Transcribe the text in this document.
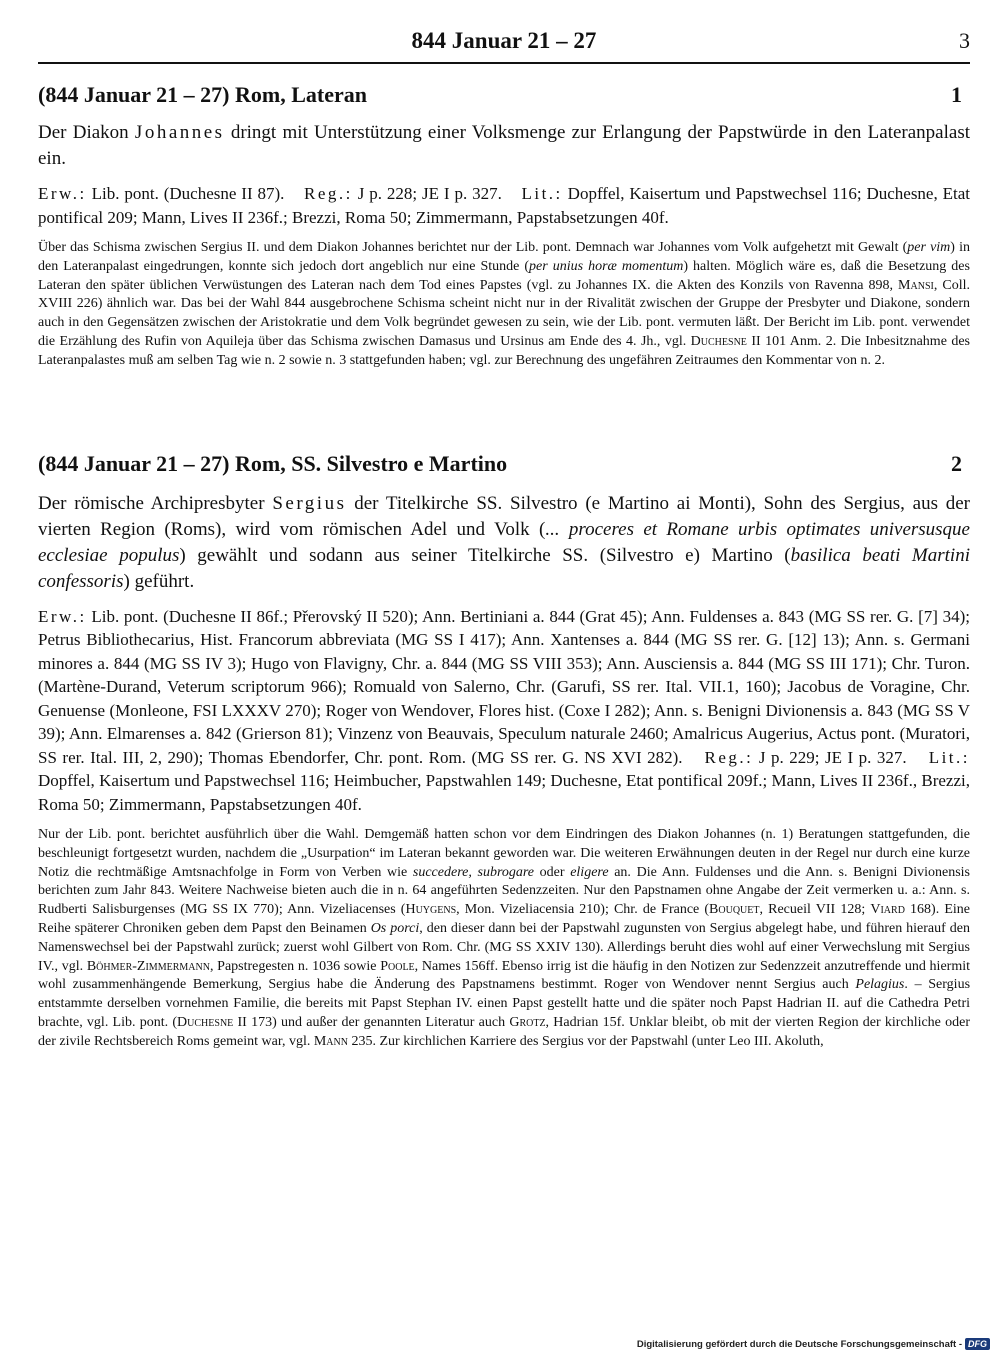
844 Januar 21 – 27	3
(844 Januar 21 – 27) Rom, Lateran	1

Der Diakon Johannes dringt mit Unterstützung einer Volksmenge zur Erlangung der Papstwürde in den Lateranpalast ein.

Erw.: Lib. pont. (Duchesne II 87). Reg.: J p. 228; JE I p. 327. Lit.: Dopffel, Kaisertum und Papstwechsel 116; Duchesne, Etat pontifical 209; Mann, Lives II 236f.; Brezzi, Roma 50; Zimmermann, Papstabsetzungen 40f.

Über das Schisma zwischen Sergius II. und dem Diakon Johannes berichtet nur der Lib. pont. Demnach war Johannes vom Volk aufgehetzt mit Gewalt (per vim) in den Lateranpalast eingedrungen, konnte sich jedoch dort angeblich nur eine Stunde (per unius horæ momentum) halten. Möglich wäre es, daß die Besetzung des Lateran den später üblichen Verwüstungen des Lateran nach dem Tod eines Papstes (vgl. zu Johannes IX. die Akten des Konzils von Ravenna 898, Mansi, Coll. XVIII 226) ähnlich war. Das bei der Wahl 844 ausgebrochene Schisma scheint nicht nur in der Rivalität zwischen der Gruppe der Presbyter und Diakone, sondern auch in den Gegensätzen zwischen der Aristokratie und dem Volk begründet gewesen zu sein, wie der Lib. pont. vermuten läßt. Der Bericht im Lib. pont. verwendet die Erzählung des Rufin von Aquileja über das Schisma zwischen Damasus und Ursinus am Ende des 4. Jh., vgl. Duchesne II 101 Anm. 2. Die Inbesitznahme des Lateranpalastes muß am selben Tag wie n. 2 sowie n. 3 stattgefunden haben; vgl. zur Berechnung des ungefähren Zeitraumes den Kommentar von n. 2.

(844 Januar 21 – 27) Rom, SS. Silvestro e Martino	2

Der römische Archipresbyter Sergius der Titelkirche SS. Silvestro (e Martino ai Monti), Sohn des Sergius, aus der vierten Region (Roms), wird vom römischen Adel und Volk (... proceres et Romane urbis optimates universusque ecclesiae populus) gewählt und sodann aus seiner Titelkirche SS. (Silvestro e) Martino (basilica beati Martini confessoris) geführt.

Erw.: Lib. pont. (Duchesne II 86f.; Přerovský II 520); Ann. Bertiniani a. 844 (Grat 45); Ann. Fuldenses a. 843 (MG SS rer. G. [7] 34); Petrus Bibliothecarius, Hist. Francorum abbreviata (MG SS I 417); Ann. Xantenses a. 844 (MG SS rer. G. [12] 13); Ann. s. Germani minores a. 844 (MG SS IV 3); Hugo von Flavigny, Chr. a. 844 (MG SS VIII 353); Ann. Ausciensis a. 844 (MG SS III 171); Chr. Turon. (Martène-Durand, Veterum scriptorum 966); Romuald von Salerno, Chr. (Garufi, SS rer. Ital. VII.1, 160); Jacobus de Voragine, Chr. Genuense (Monleone, FSI LXXXV 270); Roger von Wendover, Flores hist. (Coxe I 282); Ann. s. Benigni Divionensis a. 843 (MG SS V 39); Ann. Elmarenses a. 842 (Grierson 81); Vinzenz von Beauvais, Speculum naturale 2460; Amalricus Augerius, Actus pont. (Muratori, SS rer. Ital. III, 2, 290); Thomas Ebendorfer, Chr. pont. Rom. (MG SS rer. G. NS XVI 282). Reg.: J p. 229; JE I p. 327. Lit.: Dopffel, Kaisertum und Papstwechsel 116; Heimbucher, Papstwahlen 149; Duchesne, Etat pontifical 209f.; Mann, Lives II 236f., Brezzi, Roma 50; Zimmermann, Papstabsetzungen 40f.

Nur der Lib. pont. berichtet ausführlich über die Wahl. Demgemäß hatten schon vor dem Eindringen des Diakon Johannes (n. 1) Beratungen stattgefunden, die beschleunigt fortgesetzt wurden, nachdem die „Usurpation“ im Lateran bekannt geworden war. Die weiteren Erwähnungen deuten in der Regel nur durch eine kurze Notiz die rechtmäßige Amtsnachfolge in Form von Verben wie succedere, subrogare oder eligere an. Die Ann. Fuldenses und die Ann. s. Benigni Divionensis berichten zum Jahr 843. Weitere Nachweise bieten auch die in n. 64 angeführten Sedenzzeiten. Nur den Papstnamen ohne Angabe der Zeit vermerken u. a.: Ann. s. Rudberti Salisburgenses (MG SS IX 770); Ann. Vizeliacenses (Huygens, Mon. Vizeliacensia 210); Chr. de France (Bouquet, Recueil VII 128; Viard 168). Eine Reihe späterer Chroniken geben dem Papst den Beinamen Os porci, den dieser dann bei der Papstwahl zugunsten von Sergius abgelegt habe, und führen hierauf den Namenswechsel bei der Papstwahl zurück; zuerst wohl Gilbert von Rom. Chr. (MG SS XXIV 130). Allerdings beruht dies wohl auf einer Verwechslung mit Sergius IV., vgl. Böhmer-Zimmermann, Papstregesten n. 1036 sowie Poole, Names 156ff. Ebenso irrig ist die häufig in den Notizen zur Sedenzzeit anzutreffende und hiermit wohl zusammenhängende Bemerkung, Sergius habe die Änderung des Papstnamens bestimmt. Roger von Wendover nennt Sergius auch Pelagius. – Sergius entstammte derselben vornehmen Familie, die bereits mit Papst Stephan IV. einen Papst gestellt hatte und die später noch Papst Hadrian II. auf die Cathedra Petri brachte, vgl. Lib. pont. (Duchesne II 173) und außer der genannten Literatur auch Grotz, Hadrian 15f. Unklar bleibt, ob mit der vierten Region der kirchliche oder der zivile Rechtsbereich Roms gemeint war, vgl. Mann 235. Zur kirchlichen Karriere des Sergius vor der Papstwahl (unter Leo III. Akoluth,

Digitalisierung gefördert durch die Deutsche Forschungsgemeinschaft - DFG
